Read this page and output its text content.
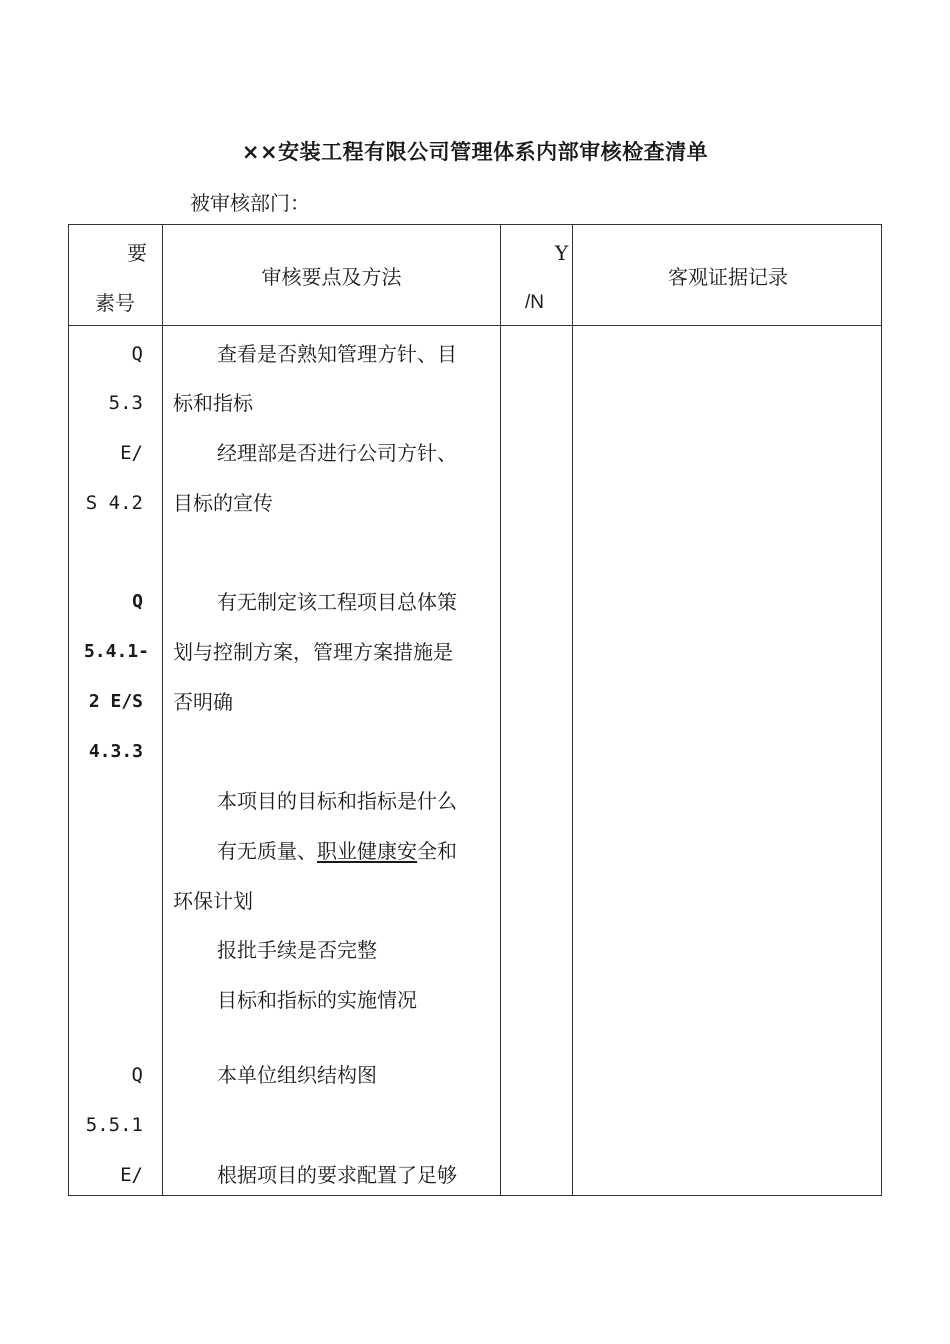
××安装工程有限公司管理体系内部审核检查清单
被审核部门：
要
素号
审核要点及方法
Y
/N
客观证据记录
Q
5.3
E/
S 4.2
Q
5.4.1-
2 E/S
4.3.3
Q
5.5.1
E/
查看是否熟知管理方针、目
标和指标
经理部是否进行公司方针、
目标的宣传
有无制定该工程项目总体策
划与控制方案，管理方案措施是
否明确
本项目的目标和指标是什么
有无质量、职业健康安全和
环保计划
报批手续是否完整
目标和指标的实施情况
本单位组织结构图
根据项目的要求配置了足够
